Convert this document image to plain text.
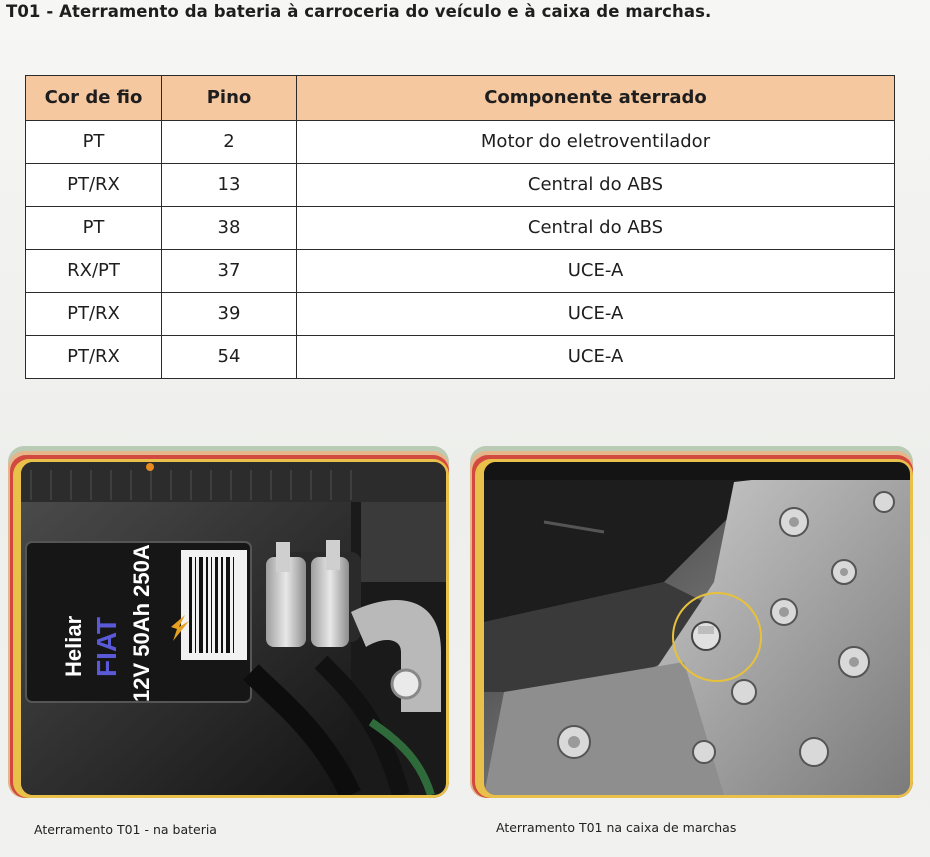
T01 - Aterramento da bateria à carroceria do veículo e à caixa de marchas.
Cor de fio	Pino	Componente aterrado
PT	2	Motor do eletroventilador
PT/RX	13	Central do ABS
PT	38	Central do ABS
RX/PT	37	UCE-A
PT/RX	39	UCE-A
PT/RX	54	UCE-A
Heliar FIAT 12V 50Ah 250A
Aterramento T01 - na bateria	Aterramento T01 na caixa de marchas
